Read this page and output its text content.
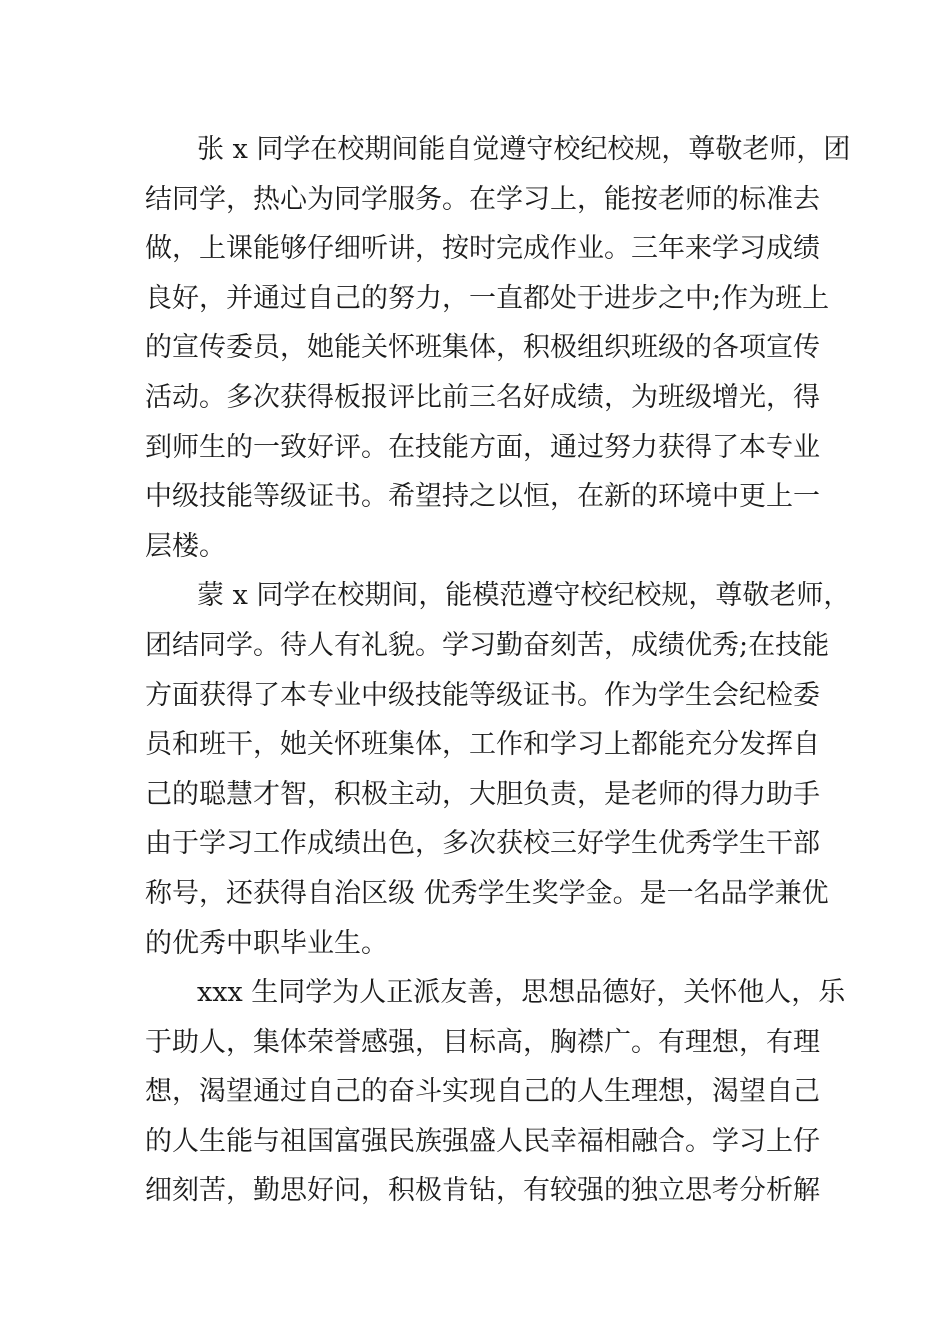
张 x 同学在校期间能自觉遵守校纪校规，尊敬老师，团
结同学，热心为同学服务。在学习上，能按老师的标准去
做，上课能够仔细听讲，按时完成作业。三年来学习成绩
良好，并通过自己的努力，一直都处于进步之中;作为班上
的宣传委员，她能关怀班集体，积极组织班级的各项宣传
活动。多次获得板报评比前三名好成绩，为班级增光，得
到师生的一致好评。在技能方面，通过努力获得了本专业
中级技能等级证书。希望持之以恒，在新的环境中更上一
层楼。
蒙 x 同学在校期间，能模范遵守校纪校规，尊敬老师，
团结同学。待人有礼貌。学习勤奋刻苦，成绩优秀;在技能
方面获得了本专业中级技能等级证书。作为学生会纪检委
员和班干，她关怀班集体，工作和学习上都能充分发挥自
己的聪慧才智，积极主动，大胆负责，是老师的得力助手
由于学习工作成绩出色，多次获校三好学生优秀学生干部
称号，还获得自治区级 优秀学生奖学金。是一名品学兼优
的优秀中职毕业生。
xxx 生同学为人正派友善，思想品德好，关怀他人，乐
于助人，集体荣誉感强，目标高，胸襟广。有理想，有理
想，渴望通过自己的奋斗实现自己的人生理想，渴望自己
的人生能与祖国富强民族强盛人民幸福相融合。学习上仔
细刻苦，勤思好问，积极肯钻，有较强的独立思考分析解
